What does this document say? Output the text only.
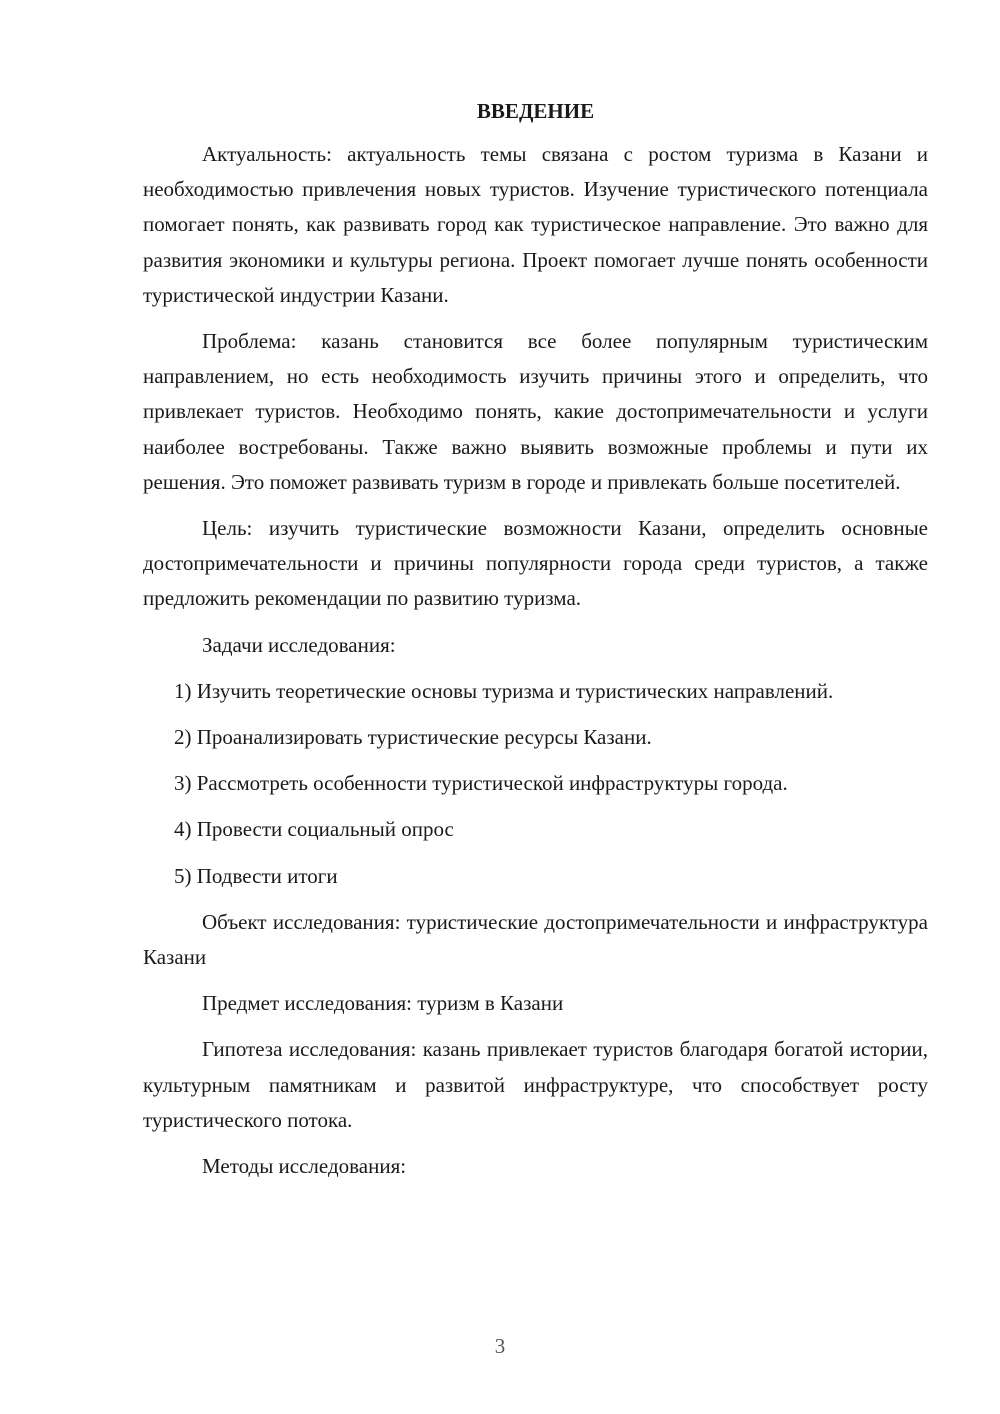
ВВЕДЕНИЕ

Актуальность: актуальность темы связана с ростом туризма в Казани и необходимостью привлечения новых туристов. Изучение туристического потенциала помогает понять, как развивать город как туристическое направление. Это важно для развития экономики и культуры региона. Проект помогает лучше понять особенности туристической индустрии Казани.

Проблема: казань становится все более популярным туристическим направлением, но есть необходимость изучить причины этого и определить, что привлекает туристов. Необходимо понять, какие достопримечательности и услуги наиболее востребованы. Также важно выявить возможные проблемы и пути их решения. Это поможет развивать туризм в городе и привлекать больше посетителей.

Цель: изучить туристические возможности Казани, определить основные достопримечательности и причины популярности города среди туристов, а также предложить рекомендации по развитию туризма.

Задачи исследования:

1) Изучить теоретические основы туризма и туристических направлений.

2) Проанализировать туристические ресурсы Казани.

3) Рассмотреть особенности туристической инфраструктуры города.

4) Провести социальный опрос

5) Подвести итоги

Объект исследования: туристические достопримечательности и инфраструктура Казани

Предмет исследования: туризм в Казани

Гипотеза исследования: казань привлекает туристов благодаря богатой истории, культурным памятникам и развитой инфраструктуре, что способствует росту туристического потока.

Методы исследования:

3
